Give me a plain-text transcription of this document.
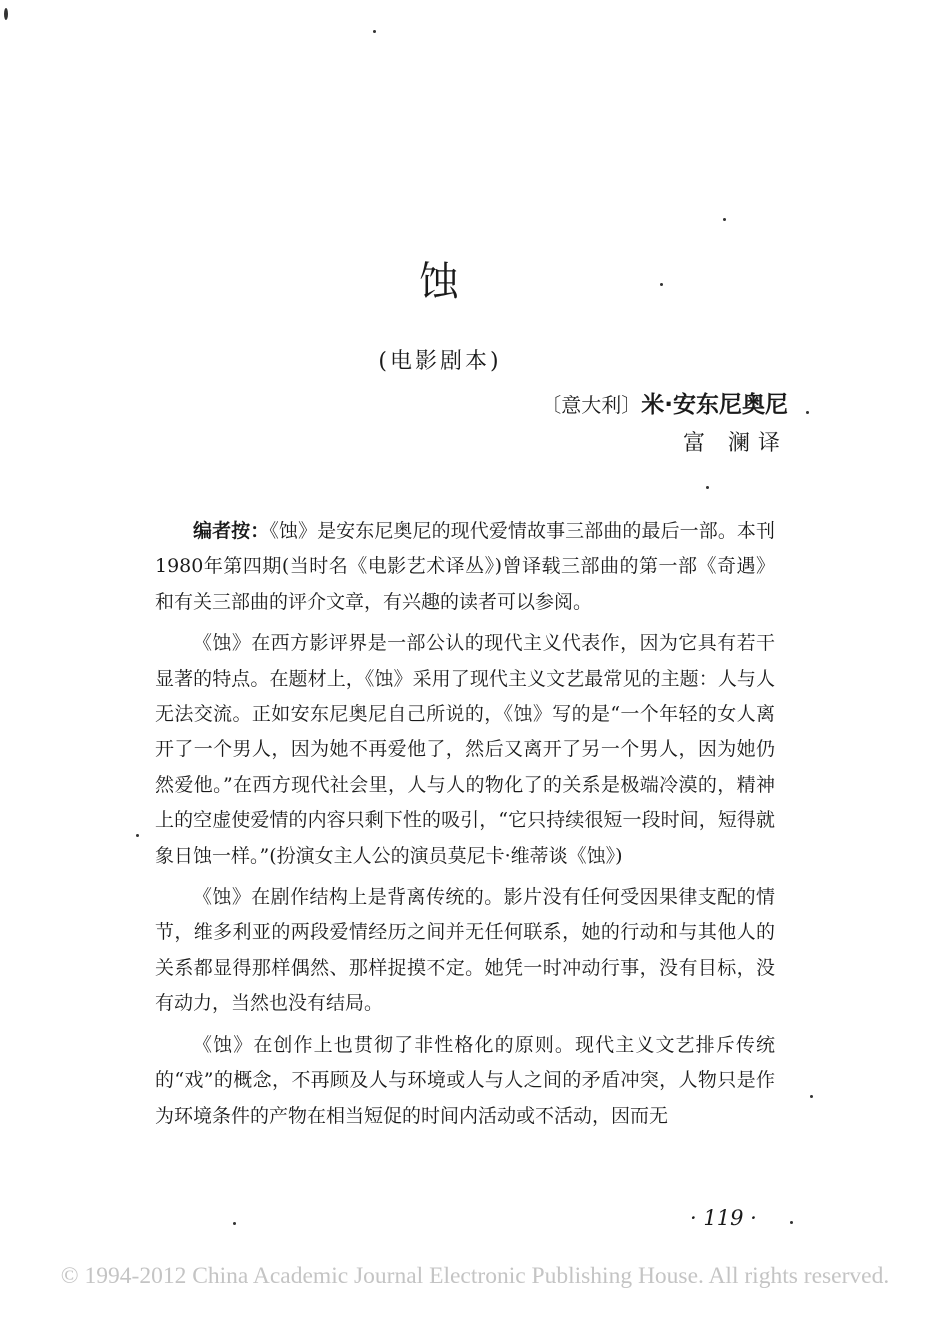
蚀
(电影剧本)
〔意大利〕米·安东尼奥尼
富 澜译

编者按：《蚀》是安东尼奥尼的现代爱情故事三部曲的最后一部。本刊1980年第四期(当时名《电影艺术译丛》)曾译载三部曲的第一部《奇遇》和有关三部曲的评介文章，有兴趣的读者可以参阅。

《蚀》在西方影评界是一部公认的现代主义代表作，因为它具有若干显著的特点。在题材上，《蚀》采用了现代主义文艺最常见的主题：人与人无法交流。正如安东尼奥尼自己所说的，《蚀》写的是“一个年轻的女人离开了一个男人，因为她不再爱他了，然后又离开了另一个男人，因为她仍然爱他。”在西方现代社会里，人与人的物化了的关系是极端冷漠的，精神上的空虚使爱情的内容只剩下性的吸引，“它只持续很短一段时间，短得就象日蚀一样。”(扮演女主人公的演员莫尼卡·维蒂谈《蚀》)

《蚀》在剧作结构上是背离传统的。影片没有任何受因果律支配的情节，维多利亚的两段爱情经历之间并无任何联系，她的行动和与其他人的关系都显得那样偶然、那样捉摸不定。她凭一时冲动行事，没有目标，没有动力，当然也没有结局。

《蚀》在创作上也贯彻了非性格化的原则。现代主义文艺排斥传统的“戏”的概念，不再顾及人与环境或人与人之间的矛盾冲突，人物只是作为环境条件的产物在相当短促的时间内活动或不活动，因而无

· 119 ·
© 1994-2012 China Academic Journal Electronic Publishing House. All rights reserved.
